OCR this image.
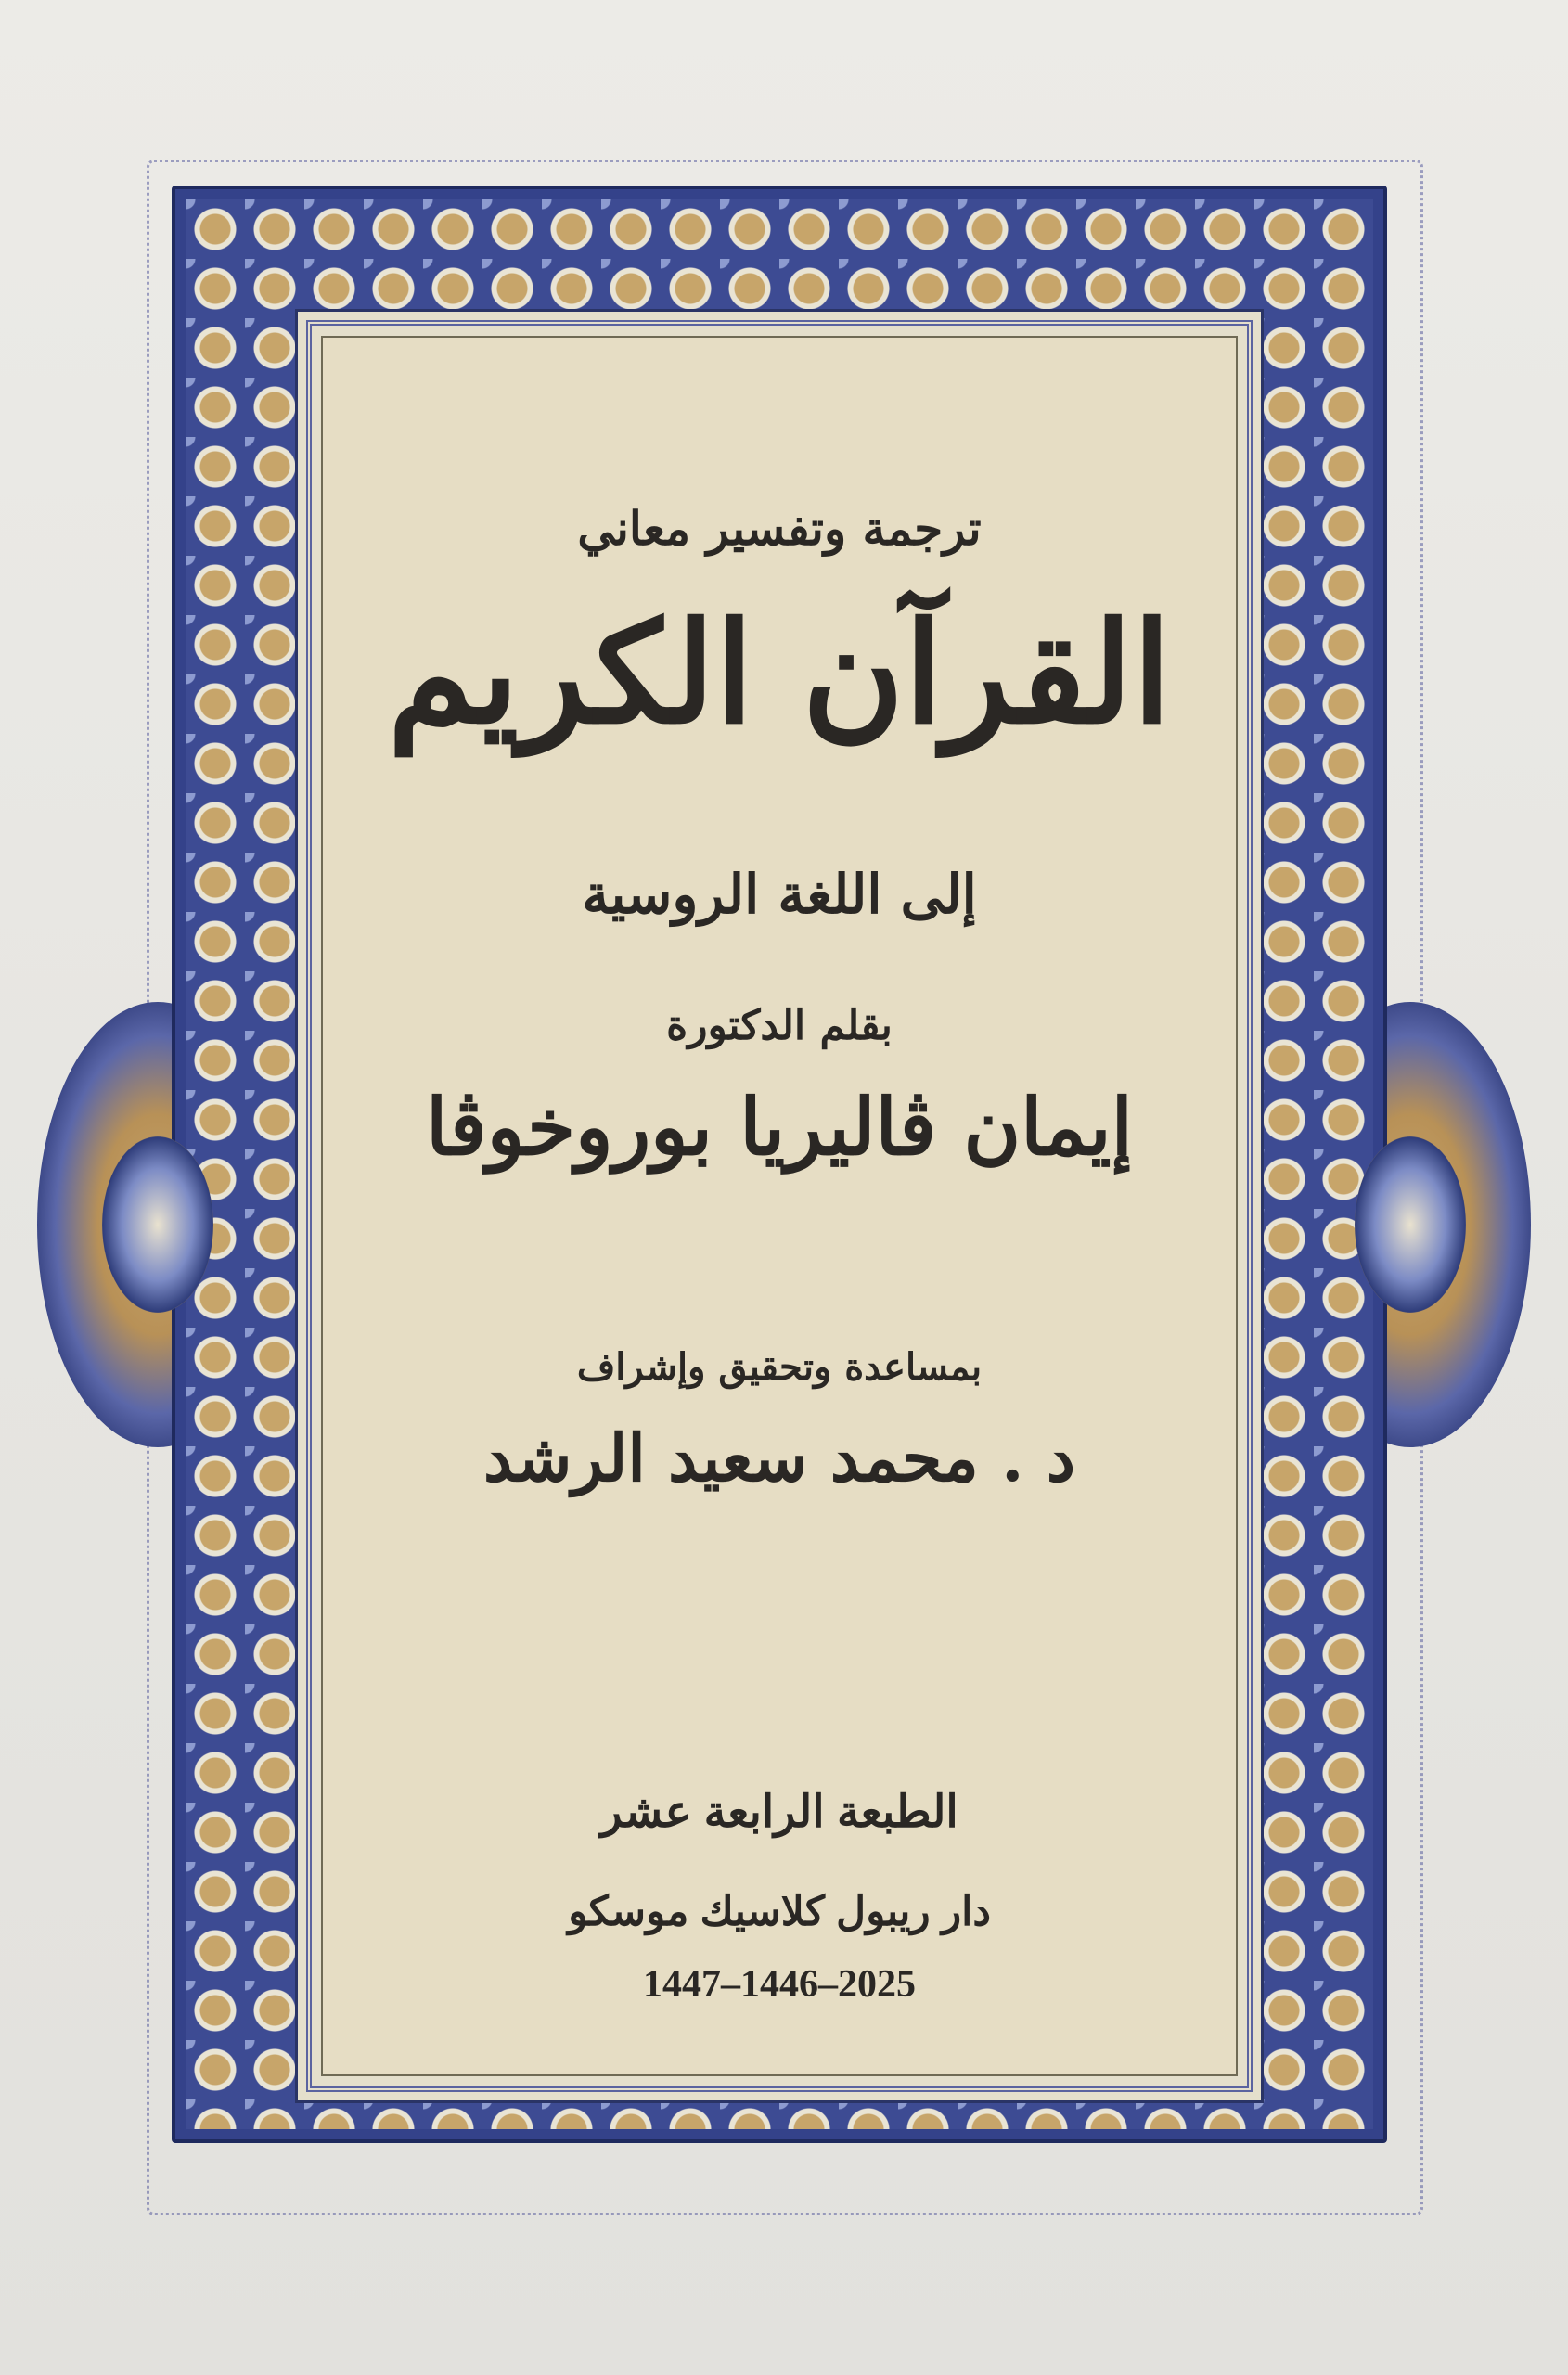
ترجمة وتفسير معاني
القرآن الكريم
إلى اللغة الروسية
بقلم الدكتورة
إيمان ڤاليريا بوروخوڤا
بمساعدة وتحقيق وإشراف
د . محمد سعيد الرشد
الطبعة الرابعة عشر
دار ريبول كلاسيك موسكو
1447–1446–2025
